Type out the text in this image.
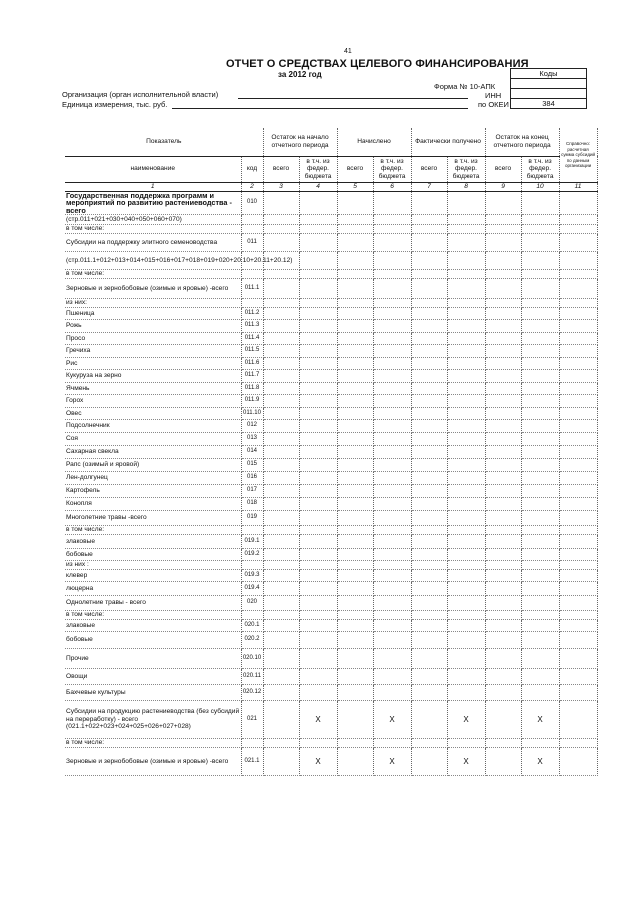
41
ОТЧЕТ О СРЕДСТВАХ ЦЕЛЕВОГО ФИНАНСИРОВАНИЯ
за 2012 год
Форма № 10-АПК
ИНН
по ОКЕИ
Коды
384
Организация (орган исполнительной власти)
Единица измерения, тыс. руб.
Показатель		Остаток на начало отчетного периода		Начислено		Фактически получено		Остаток на конец отчетного периода		Справочно: расчетная сумма субсидий по данным организации
наименование	код	всего	в т.ч. из федер. бюджета	всего	в т.ч. из федер. бюджета	всего	в т.ч. из федер. бюджета	всего	в т.ч. из федер. бюджета	
1	2	3	4	5	6	7	8	9	10	11
Государственная поддержка программ и мероприятий по развитию растениеводства - всего	010									
(стр.011+021+030+040+050+060+070)										
в том числе:										
Субсидии на поддержку элитного семеноводства	011									
(стр.011.1+012+013+014+015+016+017+018+019+020+20.10+20.11+20.12)										
в том числе:										
Зерновые и зернобобовые (озимые и яровые) -всего	011.1									
из них:										
Пшеница	011.2									
Рожь	011.3									
Просо	011.4									
Гречиха	011.5									
Рис	011.6									
Кукуруза на зерно	011.7									
Ячмень	011.8									
Горох	011.9									
Овес	011.10									
Подсолнечник	012									
Соя	013									
Сахарная свекла	014									
Рапс (озимый и яровой)	015									
Лен-долгунец	016									
Картофель	017									
Конопля	018									
Многолетние травы -всего	019									
в том числе:										
злаковые	019.1									
бобовые	019.2									
из них :										
клевер	019.3									
люцерна	019.4									
Однолетние травы - всего	020									
в том числе:										
злаковые	020.1									
бобовые	020.2									
Прочие	020.10									
Овощи	020.11									
Бахчевые культуры	020.12									
Субсидии на продукцию растениеводства (без субсидий на переработку) - всего (021.1+022+023+024+025+026+027+028)	021		X		X		X		X	
в том числе:										
Зерновые и зернобобовые (озимые и яровые) -всего	021.1		X		X		X		X	
